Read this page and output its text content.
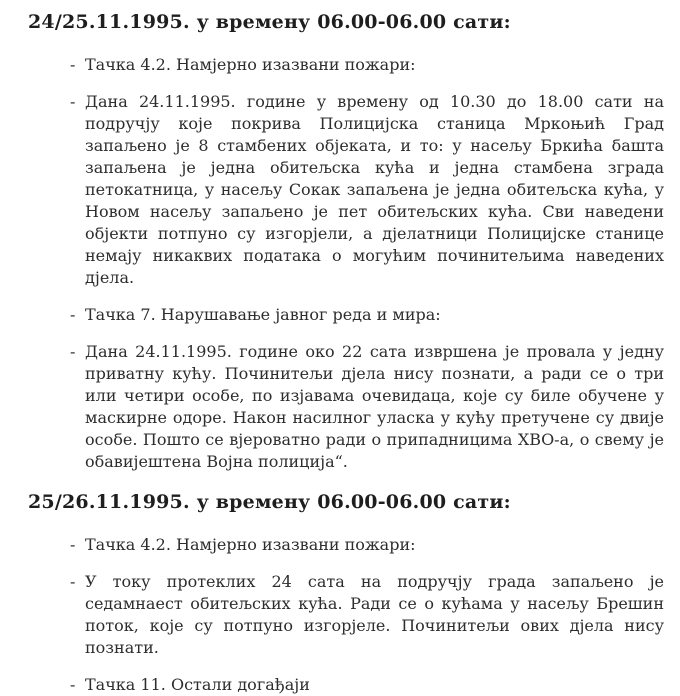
24/25.11.1995. у времену 06.00-06.00 сати:
- Тачка 4.2. Намјерно изазвани пожари:
- Дана 24.11.1995. године у времену од 10.30 до 18.00 сати на подручју које покрива Полицијска станица Мркоњић Град запаљено је 8 стамбених објеката, и то: у насељу Бркића башта запаљена је једна обитељска кућа и једна стамбена зграда петокатница, у насељу Сокак запаљена је једна обитељска кућа, у Новом насељу запаљено је пет обитељских кућа. Сви наведени објекти потпуно су изгорјели, а дјелатници Полицијске станице немају никаквих података о могућим починитељима наведених дјела.
- Тачка 7. Нарушавање јавног реда и мира:
- Дана 24.11.1995. године око 22 сата извршена је провала у једну приватну кућу. Починитељи дјела нису познати, а ради се о три или четири особе, по изјавама очевидаца, које су биле обучене у маскирне одоре. Након насилног уласка у кућу претучене су двије особе. Пошто се вјероватно ради о припадницима ХВО-а, о свему је обавијештена Војна полиција“.
25/26.11.1995. у времену 06.00-06.00 сати:
- Тачка 4.2. Намјерно изазвани пожари:
- У току протеклих 24 сата на подручју града запаљено је седамнаест обитељских кућа. Ради се о кућама у насељу Брешин поток, које су потпуно изгорјеле. Починитељи ових дјела нису познати.
- Тачка 11. Остали догађаји
